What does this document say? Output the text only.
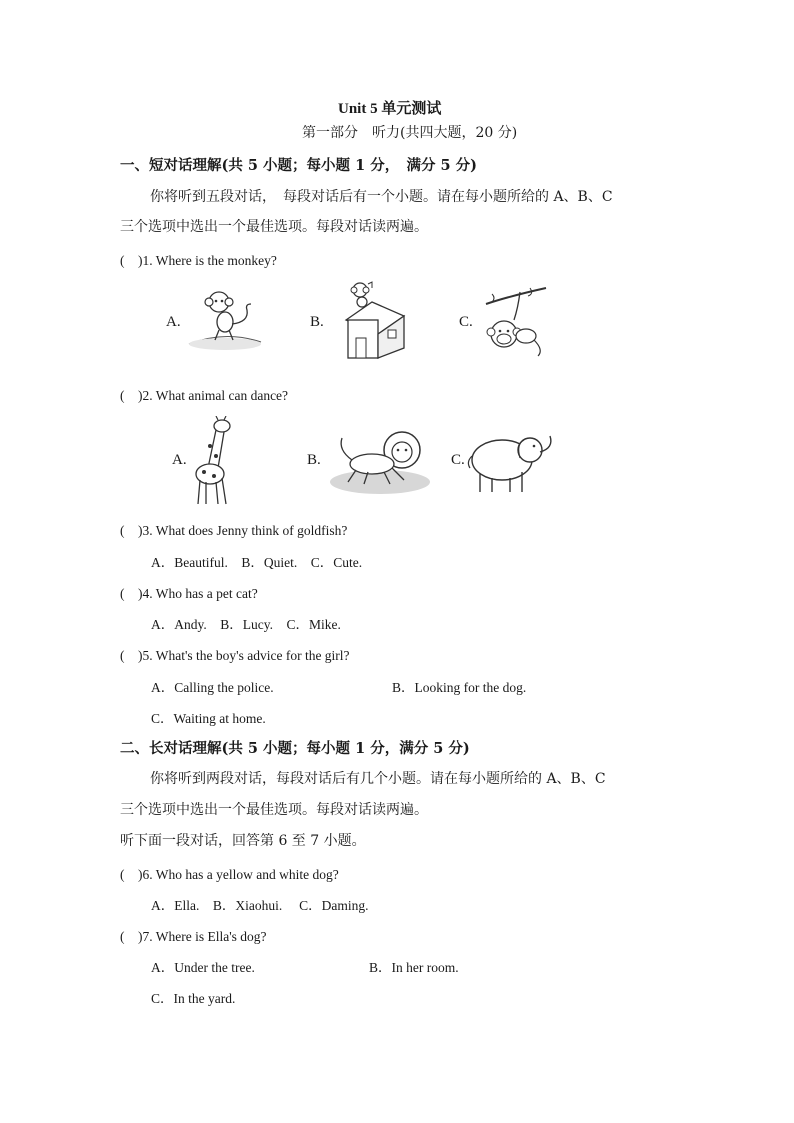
Unit 5 单元测试
第一部分　听力(共四大题，20 分)
一、短对话理解(共 5 小题；每小题 1 分，　满分 5 分)
你将听到五段对话，　每段对话后有一个小题。请在每小题所给的 A、B、C
三个选项中选出一个最佳选项。每段对话读两遍。
(　)1. Where is the monkey?
A.	B.	C.
(　)2. What animal can dance?
A.	B.	C.
(　)3. What does Jenny think of goldfish?
A．Beautiful.　B．Quiet.　C．Cute.
(　)4. Who has a pet cat?
A．Andy.　B．Lucy.　C．Mike.
(　)5. What's the boy's advice for the girl?
A．Calling the police.	B．Looking for the dog.
C．Waiting at home.
二、长对话理解(共 5 小题；每小题 1 分，满分 5 分)
你将听到两段对话，每段对话后有几个小题。请在每小题所给的 A、B、C
三个选项中选出一个最佳选项。每段对话读两遍。
听下面一段对话，回答第 6 至 7 小题。
(　)6. Who has a yellow and white dog?
A．Ella.　B．Xiaohui.　 C．Daming.
(　)7. Where is Ella's dog?
A．Under the tree.	B．In her room.
C．In the yard.
